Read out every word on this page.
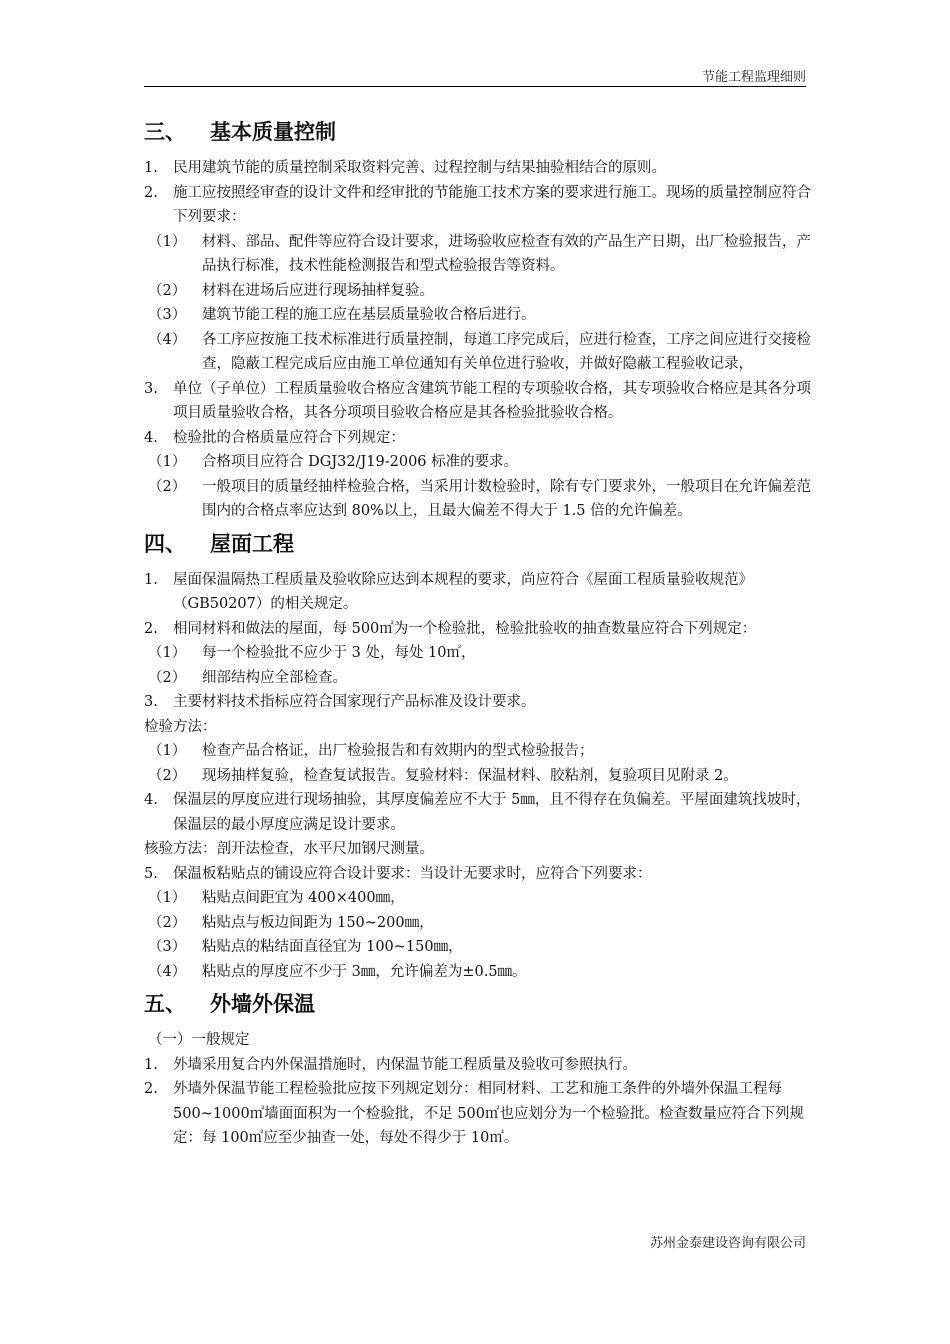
节能工程监理细则
三、 基本质量控制
1. 民用建筑节能的质量控制采取资料完善、过程控制与结果抽验相结合的原则。
2. 施工应按照经审查的设计文件和经审批的节能施工技术方案的要求进行施工。现场的质量控制应符合下列要求：
（1） 材料、部品、配件等应符合设计要求，进场验收应检查有效的产品生产日期，出厂检验报告，产品执行标准，技术性能检测报告和型式检验报告等资料。
（2） 材料在进场后应进行现场抽样复验。
（3） 建筑节能工程的施工应在基层质量验收合格后进行。
（4） 各工序应按施工技术标准进行质量控制，每道工序完成后，应进行检查，工序之间应进行交接检查，隐蔽工程完成后应由施工单位通知有关单位进行验收，并做好隐蔽工程验收记录，
3. 单位（子单位）工程质量验收合格应含建筑节能工程的专项验收合格，其专项验收合格应是其各分项项目质量验收合格，其各分项项目验收合格应是其各检验批验收合格。
4. 检验批的合格质量应符合下列规定：
（1） 合格项目应符合 DGJ32/J19-2006 标准的要求。
（2） 一般项目的质量经抽样检验合格，当采用计数检验时，除有专门要求外，一般项目在允许偏差范围内的合格点率应达到 80%以上，且最大偏差不得大于 1.5 倍的允许偏差。
四、 屋面工程
1. 屋面保温隔热工程质量及验收除应达到本规程的要求，尚应符合《屋面工程质量验收规范》（GB50207）的相关规定。
2. 相同材料和做法的屋面，每 500㎡为一个检验批，检验批验收的抽查数量应符合下列规定：
（1） 每一个检验批不应少于 3 处，每处 10㎡，
（2） 细部结构应全部检查。
3. 主要材料技术指标应符合国家现行产品标准及设计要求。
检验方法：
（1） 检查产品合格证，出厂检验报告和有效期内的型式检验报告；
（2） 现场抽样复验，检查复试报告。复验材料：保温材料、胶粘剂，复验项目见附录 2。
4. 保温层的厚度应进行现场抽验，其厚度偏差应不大于 5㎜，且不得存在负偏差。平屋面建筑找坡时，保温层的最小厚度应满足设计要求。
核验方法：剖开法检查，水平尺加钢尺测量。
5. 保温板粘贴点的铺设应符合设计要求：当设计无要求时，应符合下列要求：
（1） 粘贴点间距宜为 400×400㎜，
（2） 粘贴点与板边间距为 150~200㎜，
（3） 粘贴点的粘结面直径宜为 100~150㎜，
（4） 粘贴点的厚度应不少于 3㎜，允许偏差为±0.5㎜。
五、 外墙外保温
（一）一般规定
1. 外墙采用复合内外保温措施时，内保温节能工程质量及验收可参照执行。
2. 外墙外保温节能工程检验批应按下列规定划分：相同材料、工艺和施工条件的外墙外保温工程每 500~1000㎡墙面面积为一个检验批，不足 500㎡也应划分为一个检验批。检查数量应符合下列规定：每 100㎡应至少抽查一处，每处不得少于 10㎡。
苏州金泰建设咨询有限公司
